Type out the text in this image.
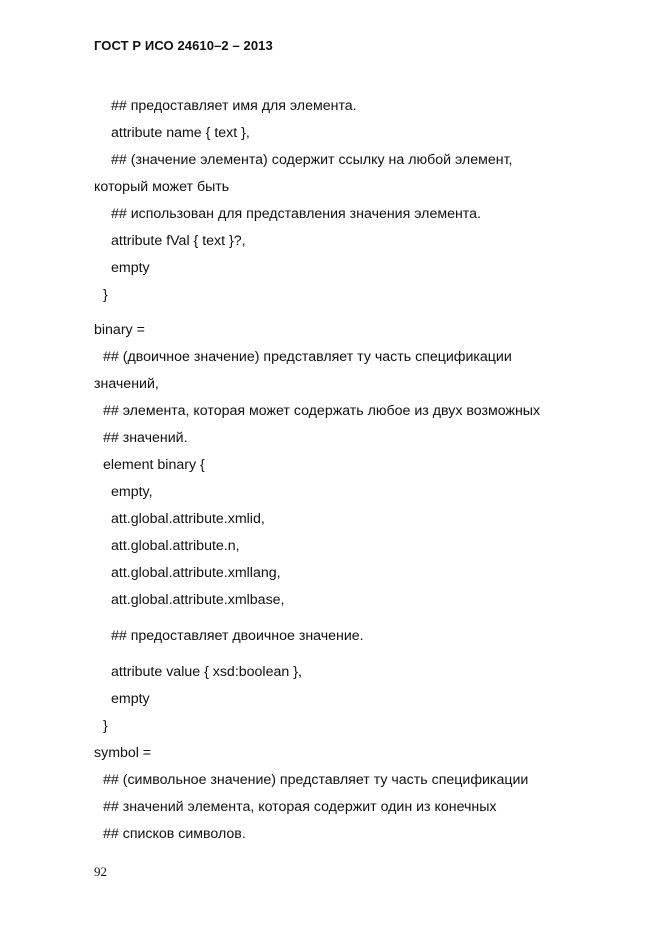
ГОСТ Р ИСО 24610–2 – 2013
## предоставляет имя для элемента.
attribute name { text },
## (значение элемента) содержит ссылку на любой элемент,
который может быть
## использован для представления значения элемента.
attribute fVal { text }?,
empty
}
binary =
## (двоичное значение) представляет ту часть спецификации
значений,
## элемента, которая может содержать любое из двух возможных
## значений.
element binary {
empty,
att.global.attribute.xmlid,
att.global.attribute.n,
att.global.attribute.xmllang,
att.global.attribute.xmlbase,
## предоставляет двоичное значение.
attribute value { xsd:boolean },
empty
}
symbol =
## (символьное значение) представляет ту часть спецификации
## значений элемента, которая содержит один из конечных
## списков символов.
92
